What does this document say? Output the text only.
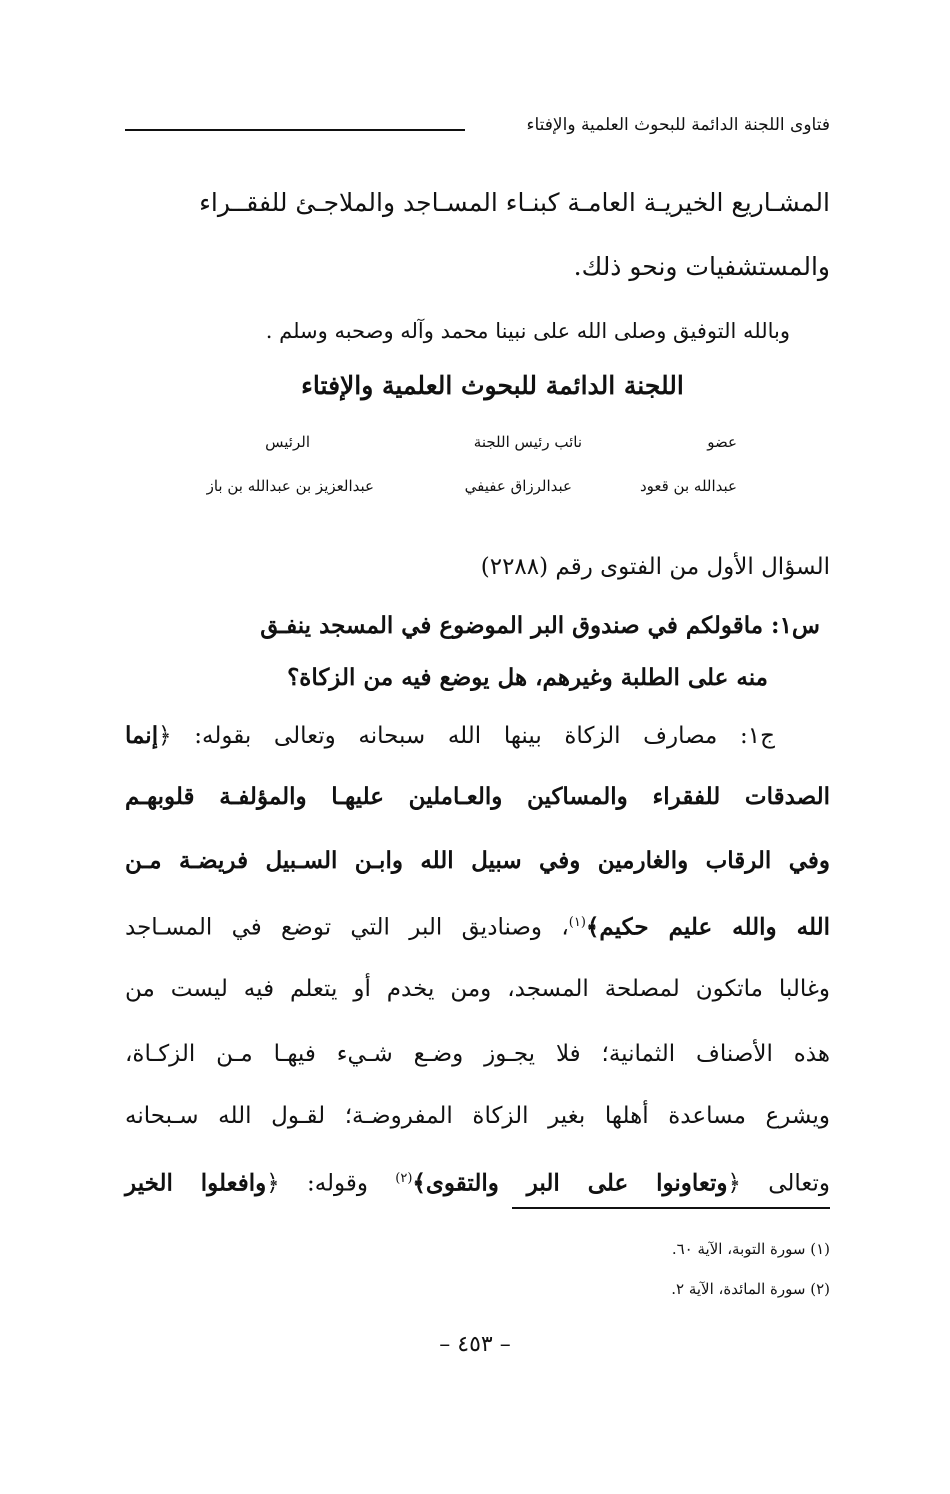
فتاوى اللجنة الدائمة للبحوث العلمية والإفتاء
المشـاريع الخيريـة العامـة كبنـاء المسـاجد والملاجـئ للفقــراء
والمستشفيات ونحو ذلك.
وبالله التوفيق وصلى الله على نبينا محمد وآله وصحبه وسلم .
اللجنة الدائمة للبحوث العلمية والإفتاء
عضو
نائب رئيس اللجنة
الرئيس
عبدالله بن قعود
عبدالرزاق عفيفي
عبدالعزيز بن عبدالله بن باز
السؤال الأول من الفتوى رقم (٢٢٨٨)
س١: ماقولكم في صندوق البر الموضوع في المسجد ينفـق
منه على الطلبة وغيرهم، هل يوضع فيه من الزكاة؟
ج١: مصارف الزكاة بينها الله سبحانه وتعالى بقوله: ﴿إنما
الصدقات للفقراء والمساكين والعـاملين عليهـا والمؤلفـة قلوبهـم
وفي الرقاب والغارمين وفي سبيل الله وابـن السـبيل فريضـة مـن
الله والله عليم حكيم﴾$^{(١)}$، وصناديق البر التي توضع في المسـاجد
وغالبا ماتكون لمصلحة المسجد، ومن يخدم أو يتعلم فيه ليست من
هذه الأصناف الثمانية؛ فلا يجـوز وضـع شـيء فيهـا مـن الزكـاة،
ويشرع مساعدة أهلها بغير الزكاة المفروضـة؛ لقـول الله سـبحانه
وتعالى ﴿وتعاونوا على البر والتقوى﴾$^{(٢)}$ وقوله: ﴿وافعلوا الخير
(١) سورة التوبة، الآية ٦٠.
(٢) سورة المائدة، الآية ٢.
– ٤٥٣ –
